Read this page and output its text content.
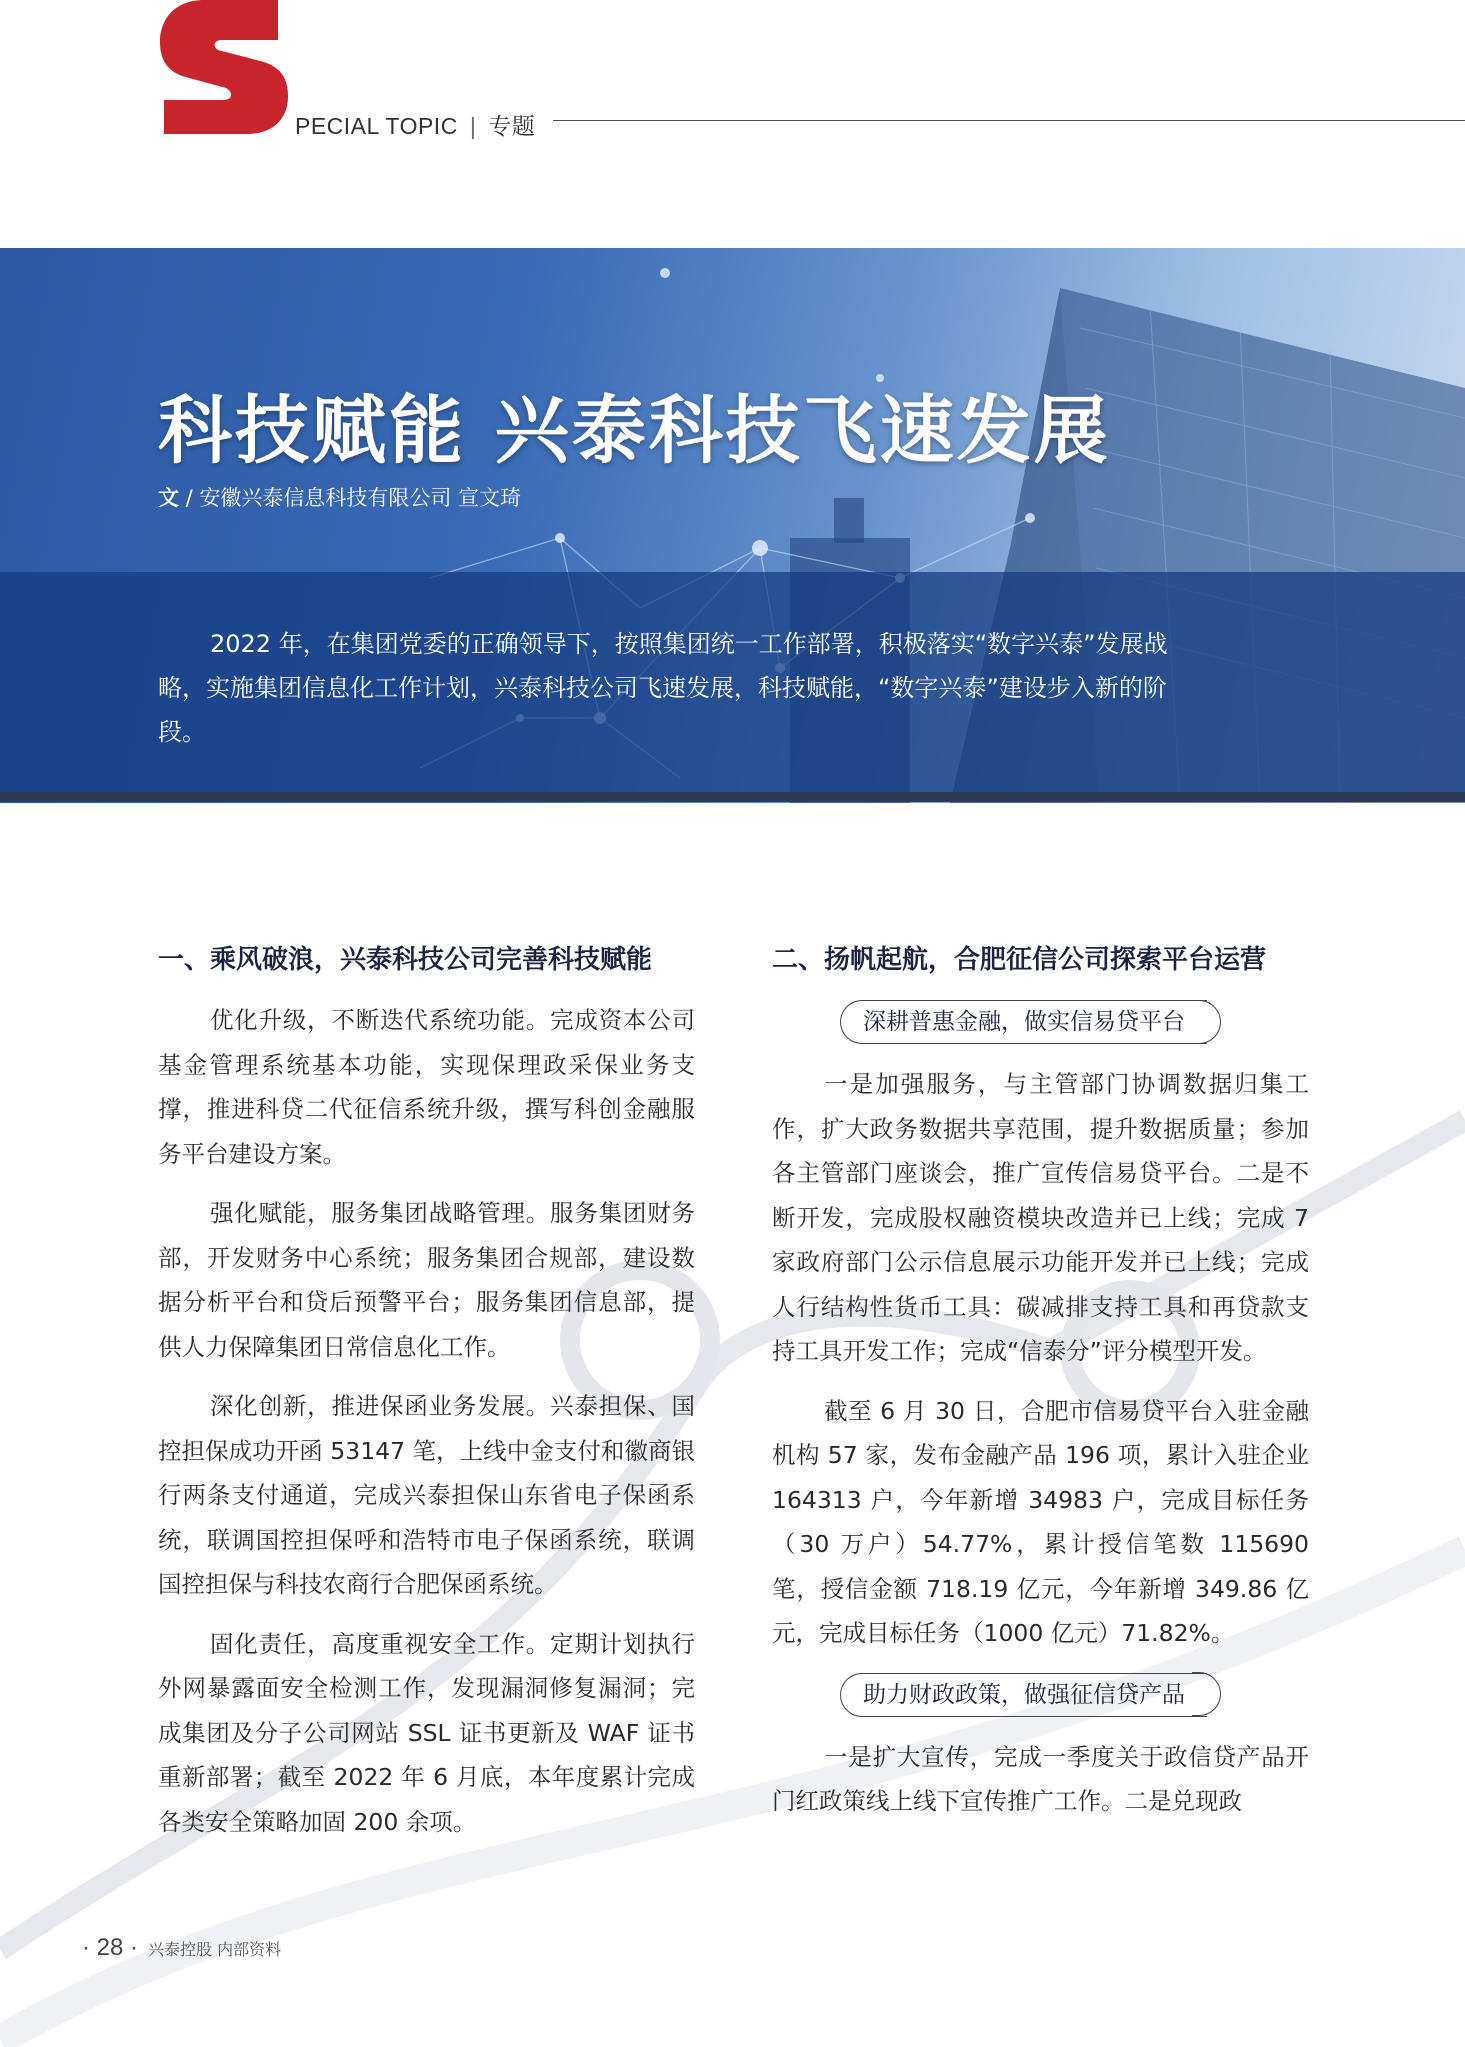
PECIAL TOPIC | 专题
科技赋能 兴泰科技飞速发展
文 / 安徽兴泰信息科技有限公司 宣文琦
2022 年，在集团党委的正确领导下，按照集团统一工作部署，积极落实“数字兴泰”发展战略，实施集团信息化工作计划，兴泰科技公司飞速发展，科技赋能，“数字兴泰”建设步入新的阶段。
一、乘风破浪，兴泰科技公司完善科技赋能

优化升级，不断迭代系统功能。完成资本公司基金管理系统基本功能，实现保理政采保业务支撑，推进科贷二代征信系统升级，撰写科创金融服务平台建设方案。

强化赋能，服务集团战略管理。服务集团财务部，开发财务中心系统；服务集团合规部，建设数据分析平台和贷后预警平台；服务集团信息部，提供人力保障集团日常信息化工作。

深化创新，推进保函业务发展。兴泰担保、国控担保成功开函 53147 笔，上线中金支付和徽商银行两条支付通道，完成兴泰担保山东省电子保函系统，联调国控担保呼和浩特市电子保函系统，联调国控担保与科技农商行合肥保函系统。

固化责任，高度重视安全工作。定期计划执行外网暴露面安全检测工作，发现漏洞修复漏洞；完成集团及分子公司网站 SSL 证书更新及 WAF 证书重新部署；截至 2022 年 6 月底，本年度累计完成各类安全策略加固 200 余项。

二、扬帆起航，合肥征信公司探索平台运营
深耕普惠金融，做实信易贷平台

一是加强服务，与主管部门协调数据归集工作，扩大政务数据共享范围，提升数据质量；参加各主管部门座谈会，推广宣传信易贷平台。二是不断开发，完成股权融资模块改造并已上线；完成 7 家政府部门公示信息展示功能开发并已上线；完成人行结构性货币工具：碳减排支持工具和再贷款支持工具开发工作；完成“信泰分”评分模型开发。

截至 6 月 30 日，合肥市信易贷平台入驻金融机构 57 家，发布金融产品 196 项，累计入驻企业 164313 户，今年新增 34983 户，完成目标任务（30 万户）54.77%，累计授信笔数 115690 笔，授信金额 718.19 亿元，今年新增 349.86 亿元，完成目标任务（1000 亿元）71.82%。

助力财政政策，做强征信贷产品

一是扩大宣传，完成一季度关于政信贷产品开门红政策线上线下宣传推广工作。二是兑现政

· 28 · 兴泰控股 内部资料
